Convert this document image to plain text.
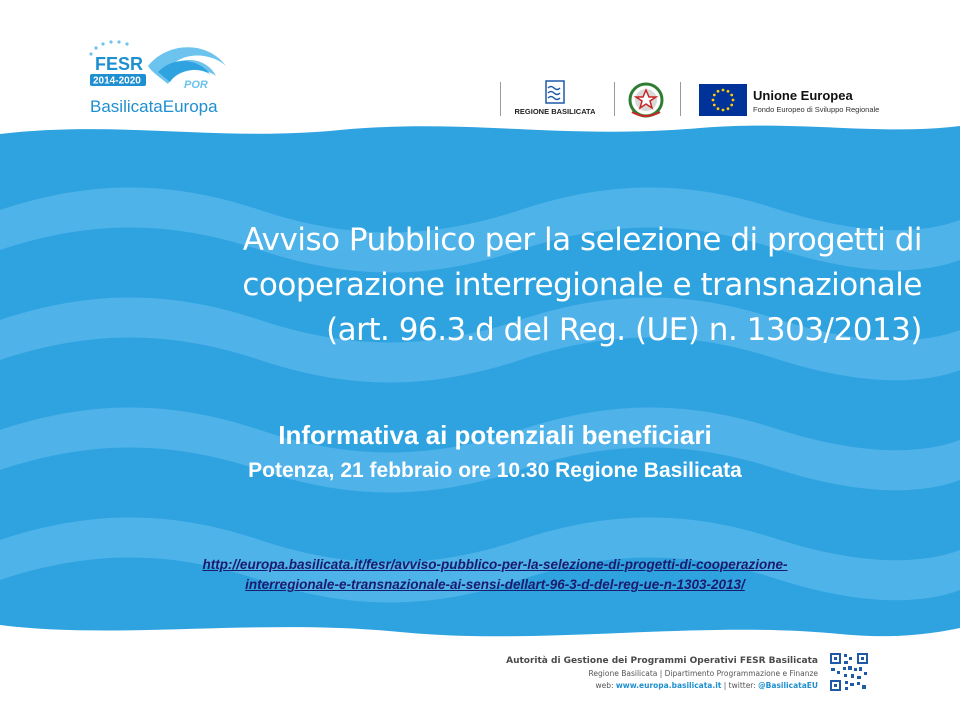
FESR
2014-2020	POR
BasilicataEuropa	REGIONE BASILICATA
Unione Europea
Fondo Europeo di Sviluppo Regionale
Avviso Pubblico per la selezione di progetti di
cooperazione interregionale e transnazionale
(art. 96.3.d del Reg. (UE) n. 1303/2013)
Informativa ai potenziali beneficiari
Potenza, 21 febbraio ore 10.30 Regione Basilicata
http://europa.basilicata.it/fesr/avviso-pubblico-per-la-selezione-di-progetti-di-cooperazione-
interregionale-e-transnazionale-ai-sensi-dellart-96-3-d-del-reg-ue-n-1303-2013/
Autorità di Gestione dei Programmi Operativi FESR Basilicata
Regione Basilicata | Dipartimento Programmazione e Finanze
web: www.europa.basilicata.it | twitter: @BasilicataEU
